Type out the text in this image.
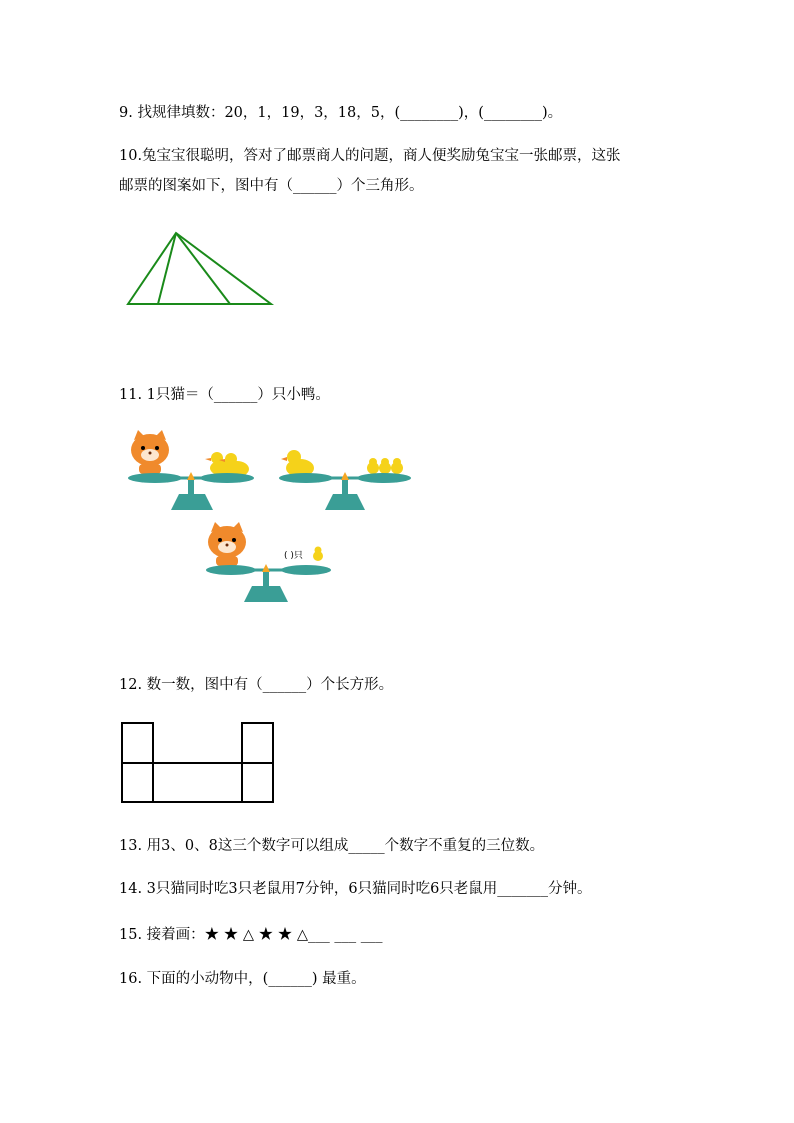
9. 找规律填数：20，1，19，3，18，5，(________)，(________)。
10.兔宝宝很聪明，答对了邮票商人的问题，商人便奖励兔宝宝一张邮票，这张
邮票的图案如下，图中有（______）个三角形。
11. 1只猫＝（______）只小鸭。
( )只
12. 数一数，图中有（______）个长方形。
13. 用3、0、8这三个数字可以组成_____个数字不重复的三位数。
14. 3只猫同时吃3只老鼠用7分钟，6只猫同时吃6只老鼠用_______分钟。
15. 接着画：★ ★ △ ★ ★ △___ ___ ___
16. 下面的小动物中，(______) 最重。
